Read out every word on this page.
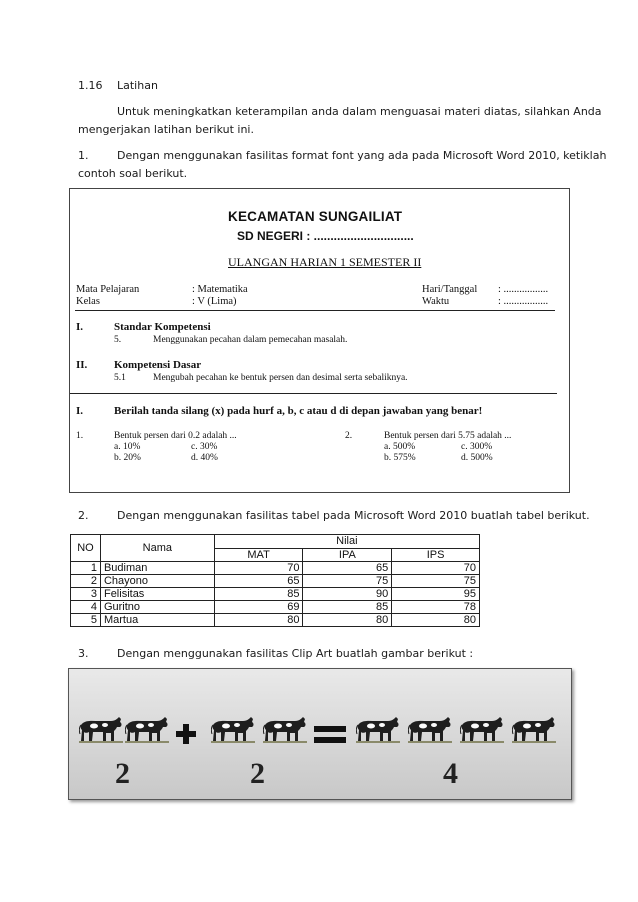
1.16 Latihan
Untuk meningkatkan keterampilan anda dalam menguasai materi diatas, silahkan Anda
mengerjakan latihan berikut ini.
1.	Dengan menggunakan fasilitas format font yang ada pada Microsoft Word 2010, ketiklah
contoh soal berikut.
KECAMATAN SUNGAILIAT
SD NEGERI : ..............................
ULANGAN HARIAN 1 SEMESTER II
Mata Pelajaran	: Matematika	Hari/Tanggal : .................
Kelas	: V (Lima)	Waktu	: .................
I.	Standar Kompetensi
5.	Menggunakan pecahan dalam pemecahan masalah.
II. Kompetensi Dasar
5.1	Mengubah pecahan ke bentuk persen dan desimal serta sebaliknya.
I.	Berilah tanda silang (x) pada hurf a, b, c atau d di depan jawaban yang benar!
1.	Bentuk persen dari 0.2 adalah ...
a. 10%	c. 30%
b. 20%	d. 40%
2.	Bentuk persen dari 5.75 adalah ...
a. 500%	c. 300%
b. 575%	d. 500%
2.	Dengan menggunakan fasilitas tabel pada Microsoft Word 2010 buatlah tabel berikut.
NO	Nama	Nilai		
		MAT	IPA	IPS
1	Budiman	70	65	70
2	Chayono	65	75	75
3	Felisitas	85	90	95
4	Guritno	69	85	78
5	Martua	80	80	80
3.	Dengan menggunakan fasilitas Clip Art buatlah gambar berikut :
2	2	4
